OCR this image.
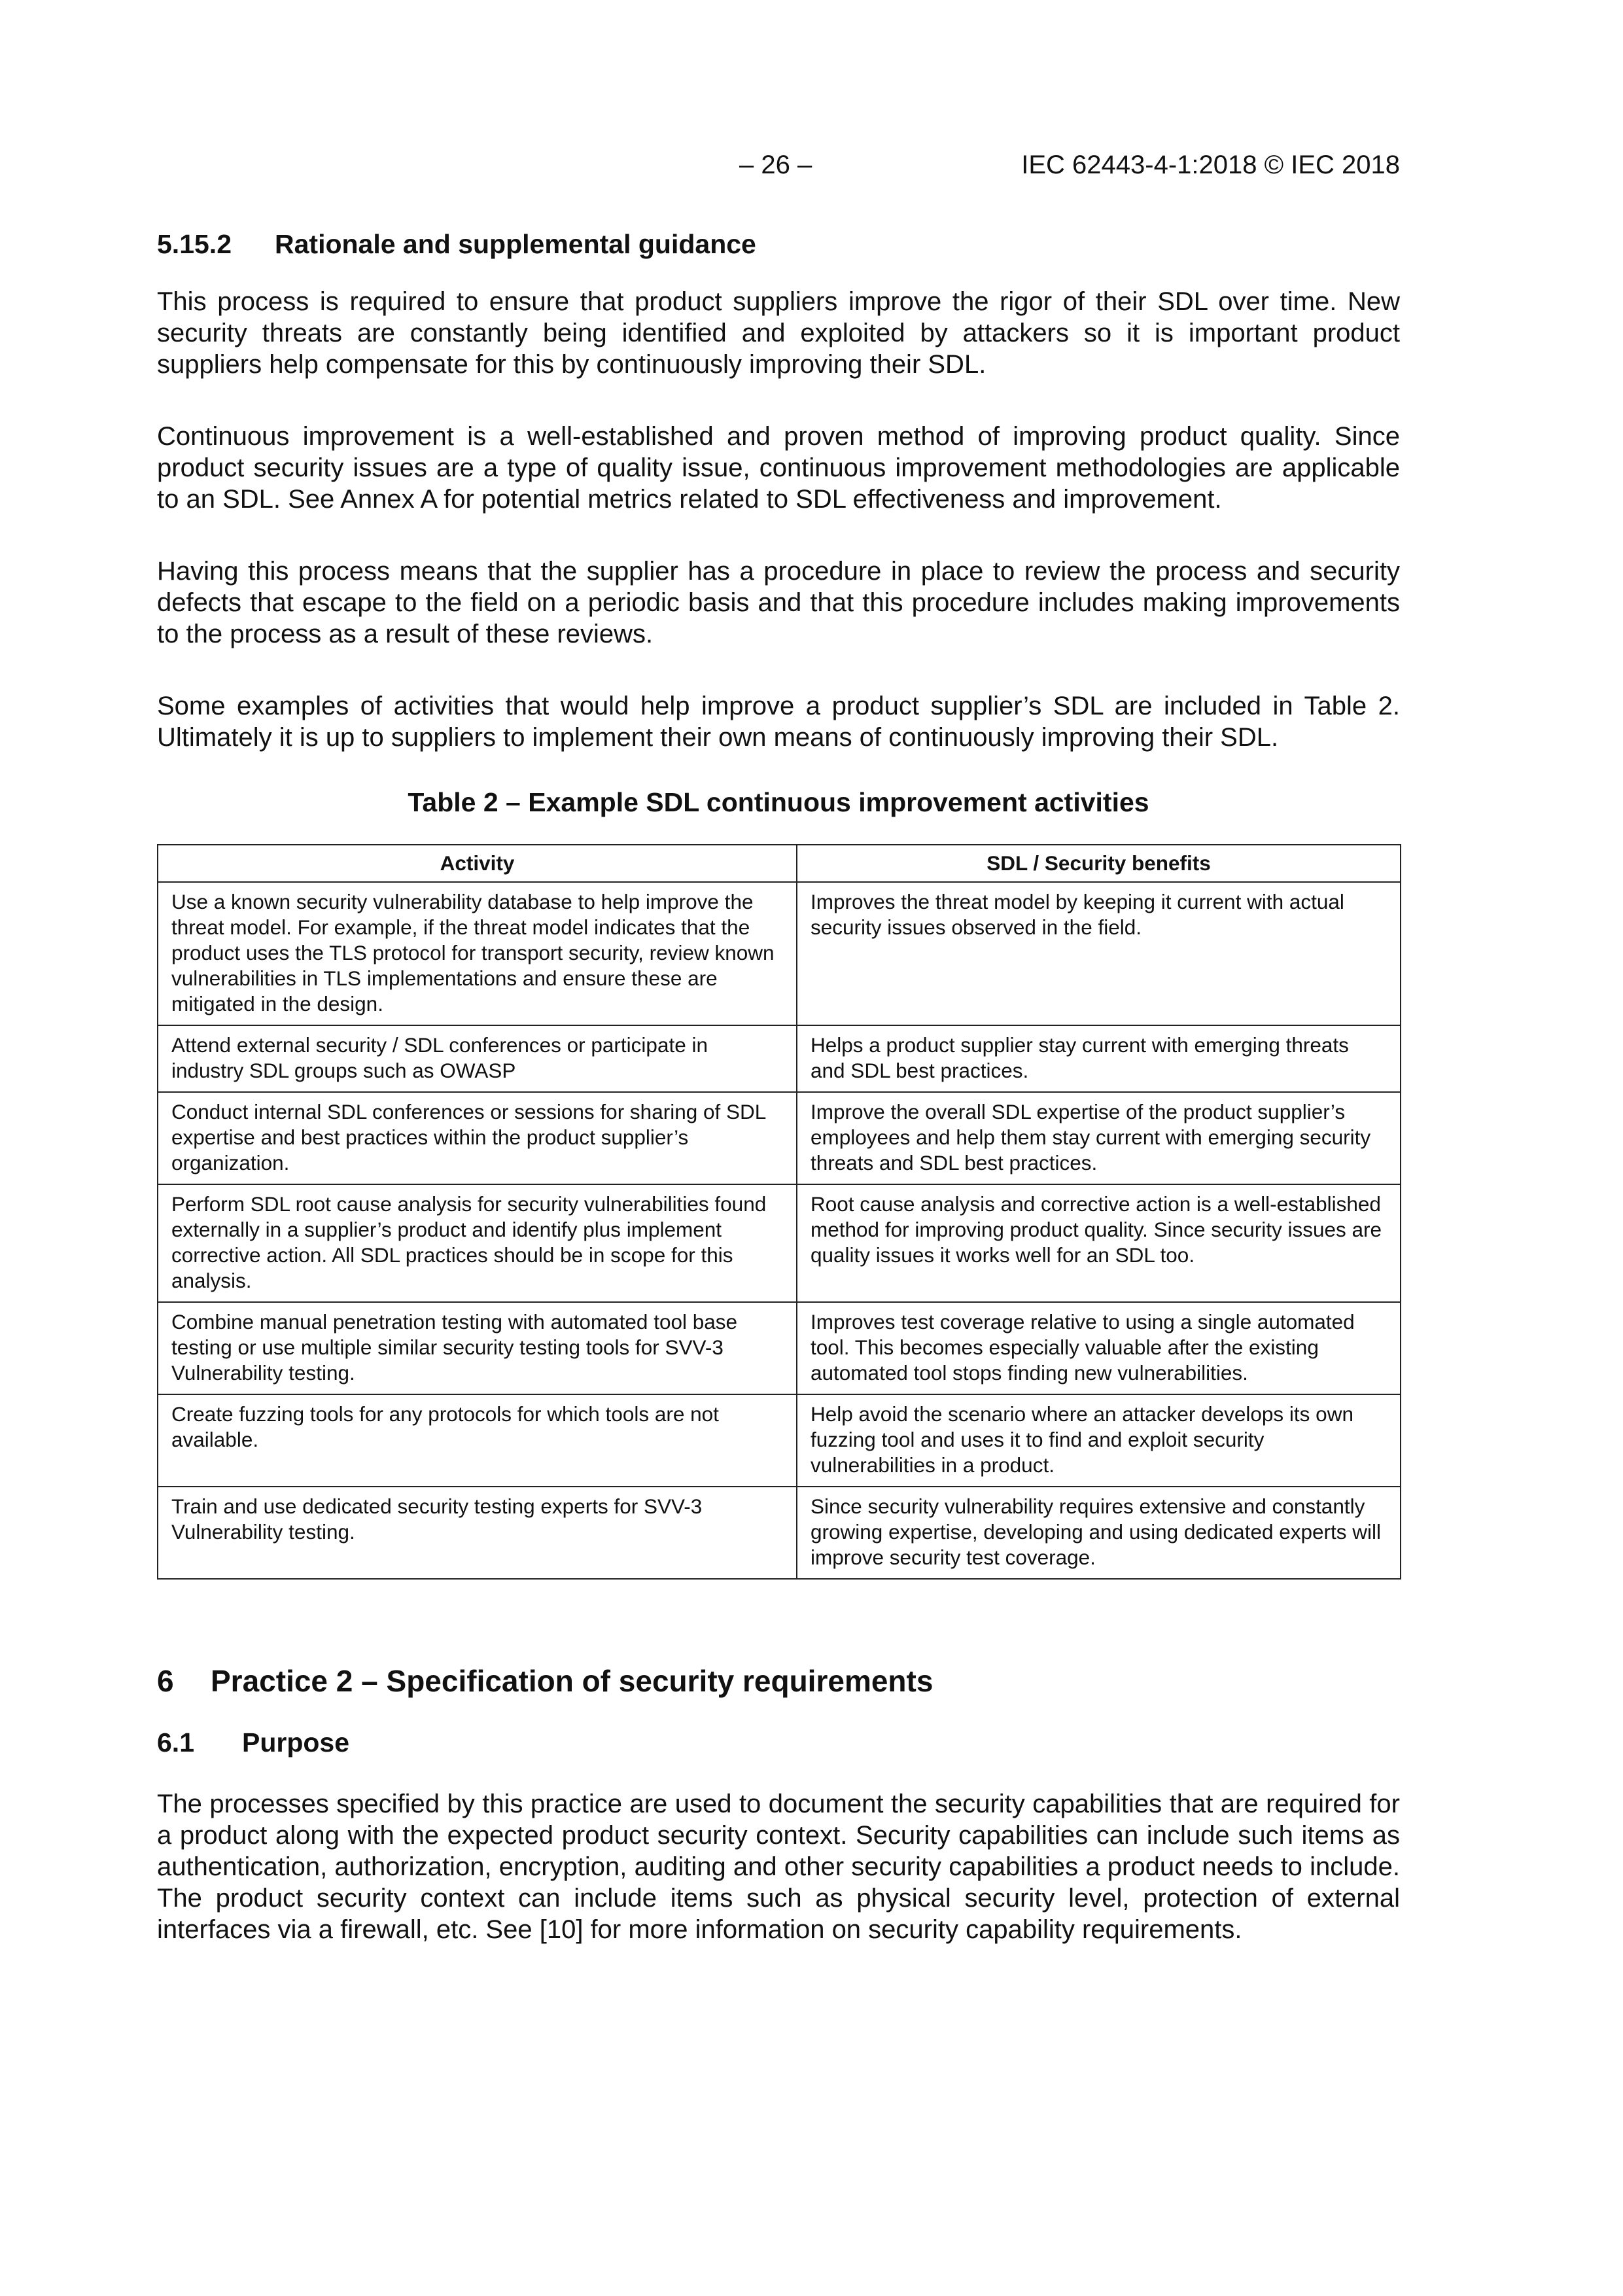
– 26 –	IEC 62443-4-1:2018 © IEC 2018
5.15.2 Rationale and supplemental guidance

This process is required to ensure that product suppliers improve the rigor of their SDL over time. New security threats are constantly being identified and exploited by attackers so it is important product suppliers help compensate for this by continuously improving their SDL.

Continuous improvement is a well-established and proven method of improving product quality. Since product security issues are a type of quality issue, continuous improvement methodologies are applicable to an SDL. See Annex A for potential metrics related to SDL effectiveness and improvement.

Having this process means that the supplier has a procedure in place to review the process and security defects that escape to the field on a periodic basis and that this procedure includes making improvements to the process as a result of these reviews.

Some examples of activities that would help improve a product supplier’s SDL are included in Table 2. Ultimately it is up to suppliers to implement their own means of continuously improving their SDL.

Table 2 – Example SDL continuous improvement activities
Activity	SDL / Security benefits
Use a known security vulnerability database to help improve the threat model. For example, if the threat model indicates that the product uses the TLS protocol for transport security, review known vulnerabilities in TLS implementations and ensure these are mitigated in the design.	Improves the threat model by keeping it current with actual security issues observed in the field.
Attend external security / SDL conferences or participate in industry SDL groups such as OWASP	Helps a product supplier stay current with emerging threats and SDL best practices.
Conduct internal SDL conferences or sessions for sharing of SDL expertise and best practices within the product supplier’s organization.	Improve the overall SDL expertise of the product supplier’s employees and help them stay current with emerging security threats and SDL best practices.
Perform SDL root cause analysis for security vulnerabilities found externally in a supplier’s product and identify plus implement corrective action. All SDL practices should be in scope for this analysis.	Root cause analysis and corrective action is a well-established method for improving product quality. Since security issues are quality issues it works well for an SDL too.
Combine manual penetration testing with automated tool base testing or use multiple similar security testing tools for SVV-3 Vulnerability testing.	Improves test coverage relative to using a single automated tool. This becomes especially valuable after the existing automated tool stops finding new vulnerabilities.
Create fuzzing tools for any protocols for which tools are not available.	Help avoid the scenario where an attacker develops its own fuzzing tool and uses it to find and exploit security vulnerabilities in a product.
Train and use dedicated security testing experts for SVV-3 Vulnerability testing.	Since security vulnerability requires extensive and constantly growing expertise, developing and using dedicated experts will improve security test coverage.
6 Practice 2 – Specification of security requirements
6.1 Purpose

The processes specified by this practice are used to document the security capabilities that are required for a product along with the expected product security context. Security capabilities can include such items as authentication, authorization, encryption, auditing and other security capabilities a product needs to include. The product security context can include items such as physical security level, protection of external interfaces via a firewall, etc. See [10] for more information on security capability requirements.
